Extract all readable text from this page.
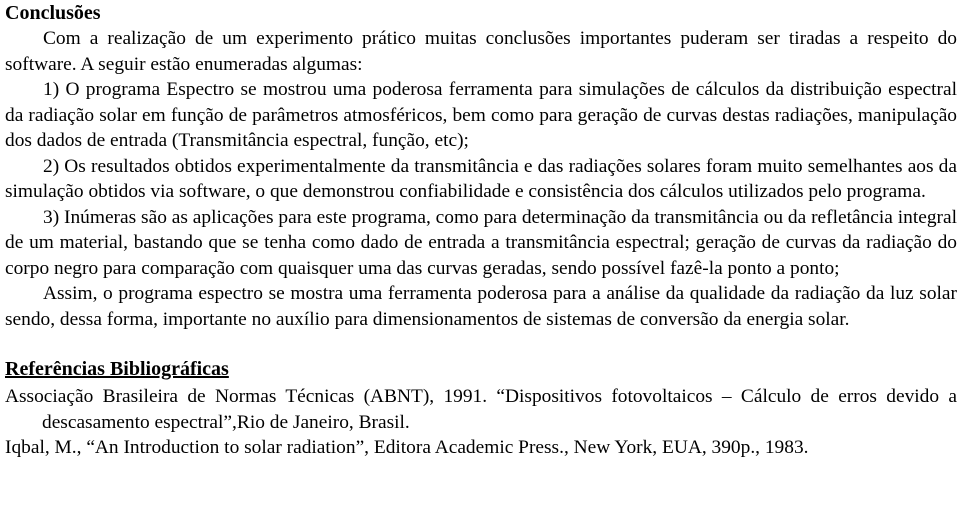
Conclusões

Com a realização de um experimento prático muitas conclusões importantes puderam ser tiradas a respeito do software. A seguir estão enumeradas algumas:

1) O programa Espectro se mostrou uma poderosa ferramenta para simulações de cálculos da distribuição espectral da radiação solar em função de parâmetros atmosféricos, bem como para geração de curvas destas radiações, manipulação dos dados de entrada (Transmitância espectral, função, etc);

2) Os resultados obtidos experimentalmente da transmitância e das radiações solares foram muito semelhantes aos da simulação obtidos via software, o que demonstrou confiabilidade e consistência dos cálculos utilizados pelo programa.

3) Inúmeras são as aplicações para este programa, como para determinação da transmitância ou da refletância integral de um material, bastando que se tenha como dado de entrada a transmitância espectral; geração de curvas da radiação do corpo negro para comparação com quaisquer uma das curvas geradas, sendo possível fazê-la ponto a ponto;

Assim, o programa espectro se mostra uma ferramenta poderosa para a análise da qualidade da radiação da luz solar sendo, dessa forma, importante no auxílio para dimensionamentos de sistemas de conversão da energia solar.

Referências Bibliográficas

Associação Brasileira de Normas Técnicas (ABNT), 1991. “Dispositivos fotovoltaicos – Cálculo de erros devido a descasamento espectral”,Rio de Janeiro, Brasil.

Iqbal, M., “An Introduction to solar radiation”, Editora Academic Press., New York, EUA, 390p., 1983.
